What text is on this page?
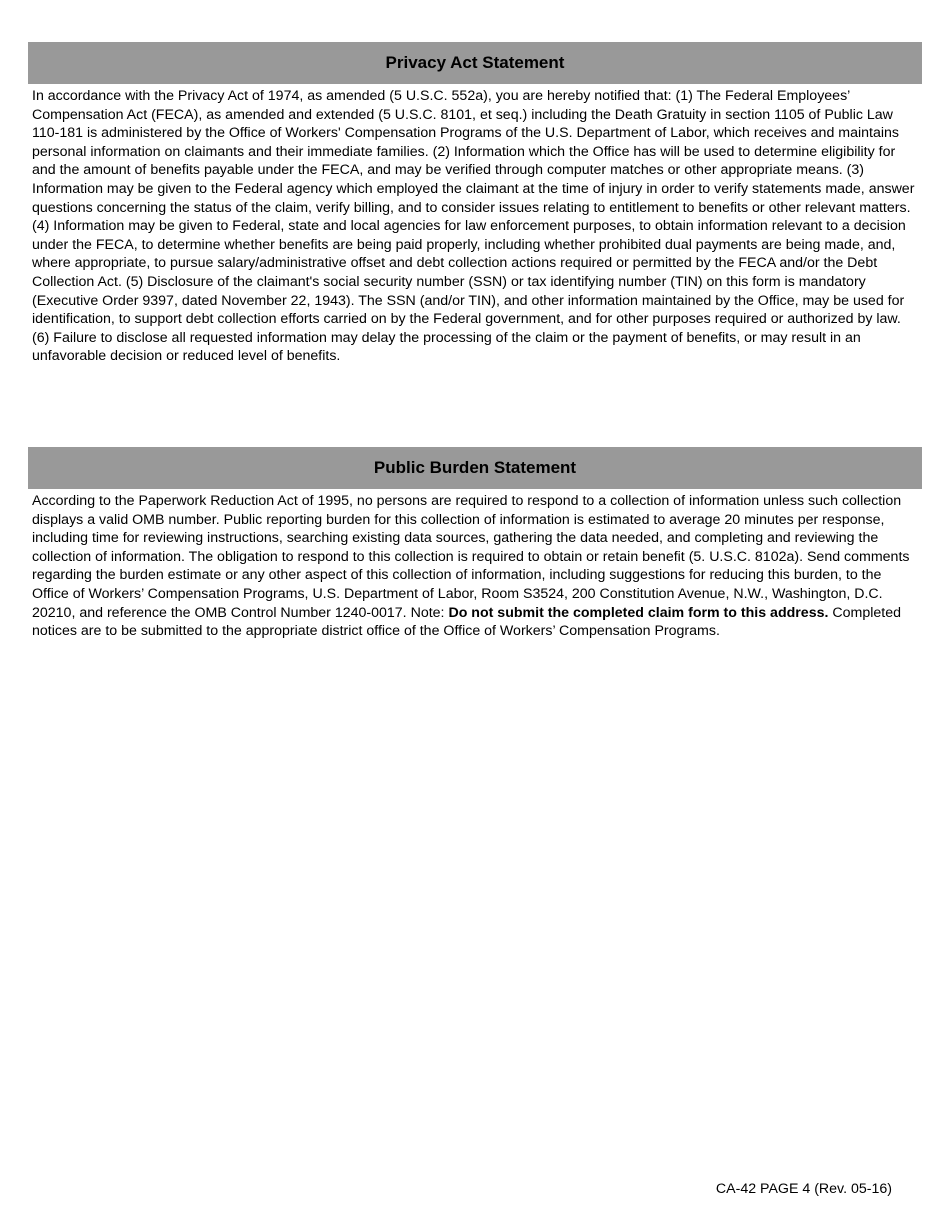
Privacy Act Statement
In accordance with the Privacy Act of 1974, as amended (5 U.S.C. 552a), you are hereby notified that: (1) The Federal Employees’ Compensation Act (FECA), as amended and extended (5 U.S.C. 8101, et seq.) including the Death Gratuity in section 1105 of Public Law 110-181 is administered by the Office of Workers' Compensation Programs of the U.S. Department of Labor, which receives and maintains personal information on claimants and their immediate families. (2) Information which the Office has will be used to determine eligibility for and the amount of benefits payable under the FECA, and may be verified through computer matches or other appropriate means. (3) Information may be given to the Federal agency which employed the claimant at the time of injury in order to verify statements made, answer questions concerning the status of the claim, verify billing, and to consider issues relating to entitlement to benefits or other relevant matters. (4) Information may be given to Federal, state and local agencies for law enforcement purposes, to obtain information relevant to a decision under the FECA, to determine whether benefits are being paid properly, including whether prohibited dual payments are being made, and, where appropriate, to pursue salary/administrative offset and debt collection actions required or permitted by the FECA and/or the Debt Collection Act. (5) Disclosure of the claimant's social security number (SSN) or tax identifying number (TIN) on this form is mandatory (Executive Order 9397, dated November 22, 1943). The SSN (and/or TIN), and other information maintained by the Office, may be used for identification, to support debt collection efforts carried on by the Federal government, and for other purposes required or authorized by law. (6) Failure to disclose all requested information may delay the processing of the claim or the payment of benefits, or may result in an unfavorable decision or reduced level of benefits.
Public Burden Statement
According to the Paperwork Reduction Act of 1995, no persons are required to respond to a collection of information unless such collection displays a valid OMB number. Public reporting burden for this collection of information is estimated to average 20 minutes per response, including time for reviewing instructions, searching existing data sources, gathering the data needed, and completing and reviewing the collection of information. The obligation to respond to this collection is required to obtain or retain benefit (5. U.S.C. 8102a). Send comments regarding the burden estimate or any other aspect of this collection of information, including suggestions for reducing this burden, to the Office of Workers’ Compensation Programs, U.S. Department of Labor, Room S3524, 200 Constitution Avenue, N.W., Washington, D.C. 20210, and reference the OMB Control Number 1240-0017. Note: Do not submit the completed claim form to this address. Completed notices are to be submitted to the appropriate district office of the Office of Workers’ Compensation Programs.
CA-42 PAGE 4 (Rev. 05-16)
